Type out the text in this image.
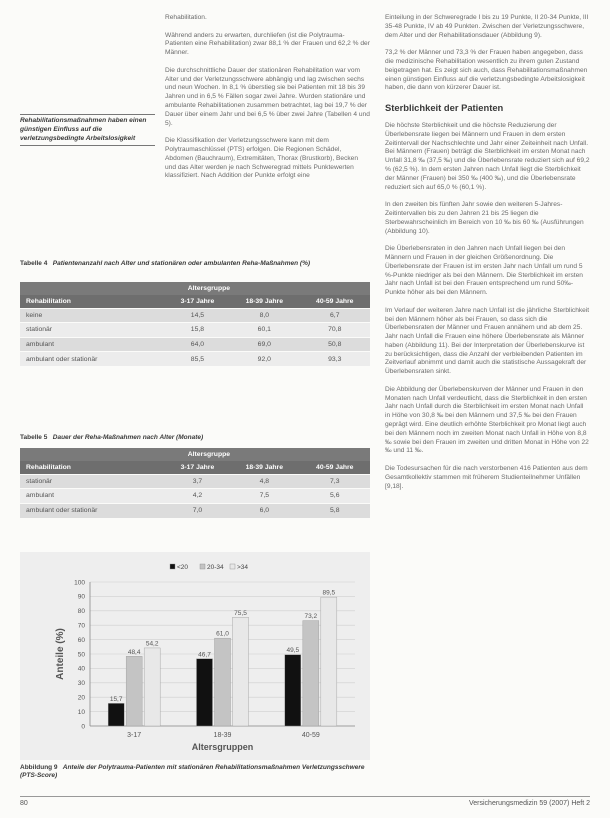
Rehabilitation.

Während anders zu erwarten, durchliefen (ist die Polytrauma-Patienten eine Rehabilitation) zwar 88,1 % der Frauen und 62,2 % der Männer.

Die durchschnittliche Dauer der stationären Rehabilitation war vom Alter und der Verletzungsschwere abhängig und lag zwischen sechs und neun Wochen. In 8,1 % überstieg sie bei Patienten mit 18 bis 39 Jahren und in 6,5 % Fällen sogar zwei Jahre. Wurden stationäre und ambulante Rehabilitationen zusammen betrachtet, lag bei 19,7 % der Dauer über einem Jahr und bei 6,5 % über zwei Jahre (Tabellen 4 und 5).

Die Klassifikation der Verletzungsschwere kann mit dem Polytraumaschlüssel (PTS) erfolgen. Die Regionen Schädel, Abdomen (Bauchraum), Extremitäten, Thorax (Brustkorb), Becken und das Alter werden je nach Schweregrad mittels Punktewerten klassifiziert. Nach Addition der Punkte erfolgt eine

Rehabilitationsmaßnahmen haben einen günstigen Einfluss auf die verletzungsbedingte Arbeitslosigkeit

Einteilung in der Schweregrade I bis zu 19 Punkte, II 20-34 Punkte, III 35-48 Punkte, IV ab 49 Punkten. Zwischen der Verletzungsschwere, dem Alter und der Rehabilitationsdauer (Abbildung 9).

73,2 % der Männer und 73,3 % der Frauen haben angegeben, dass die medizinische Rehabilitation wesentlich zu ihrem guten Zustand beigetragen hat. Es zeigt sich auch, dass Rehabilitationsmaßnahmen einen günstigen Einfluss auf die verletzungsbedingte Arbeitslosigkeit haben, die dann von kürzerer Dauer ist.

Sterblichkeit der Patienten

Die höchste Sterblichkeit und die höchste Reduzierung der Überlebensrate liegen bei Männern und Frauen in dem ersten Zeitintervall der Nachschlechte und Jahr einer Zeiteinheit nach Unfall. Bei Männern (Frauen) beträgt die Sterblichkeit im ersten Monat nach Unfall 31,8 ‰ (37,5 ‰) und die Überlebensrate reduziert sich auf 69,2 % (62,5 %). In dem ersten Jahren nach Unfall liegt die Sterblichkeit der Männer (Frauen) bei 350 ‰ (400 ‰), und die Überlebensrate reduziert sich auf 65,0 % (60,1 %).

In den zweiten bis fünften Jahr sowie den weiteren 5-Jahres-Zeitintervallen bis zu den Jahren 21 bis 25 liegen die Sterbewahrscheinlich im Bereich von 10 ‰ bis 60 ‰ (Ausführungen (Abbildung 10).

Die Überlebensraten in den Jahren nach Unfall liegen bei den Männern und Frauen in der gleichen Größenordnung. Die Überlebensrate der Frauen ist im ersten Jahr nach Unfall um rund 5 %-Punkte niedriger als bei den Männern. Die Sterblichkeit im ersten Jahr nach Unfall ist bei den Frauen entsprechend um rund 50‰-Punkte höher als bei den Männern.

Im Verlauf der weiteren Jahre nach Unfall ist die jährliche Sterblichkeit bei den Männern höher als bei Frauen, so dass sich die Überlebensraten der Männer und Frauen annähern und ab dem 25. Jahr nach Unfall die Frauen eine höhere Überlebensrate als Männer haben (Abbildung 11). Bei der Interpretation der Überlebenskurve ist zu berücksichtigen, dass die Anzahl der verbleibenden Patienten im Zeitverlauf abnimmt und damit auch die statistische Aussagekraft der Überlebensraten sinkt.

Die Abbildung der Überlebenskurven der Männer und Frauen in den Monaten nach Unfall verdeutlicht, dass die Sterblichkeit in den ersten Jahr nach Unfall durch die Sterblichkeit im ersten Monat nach Unfall in Höhe von 30,8 ‰ bei den Männern und 37,5 ‰ bei den Frauen geprägt wird. Eine deutlich erhöhte Sterblichkeit pro Monat liegt auch bei den Männern noch im zweiten Monat nach Unfall in Höhe von 8,8 ‰ sowie bei den Frauen im zweiten und dritten Monat in Höhe von 22 ‰ und 11 ‰.

Die Todesursachen für die nach verstorbenen 416 Patienten aus dem Gesamtkollektiv stammen mit früherem Studienteilnehmer Unfällen [9,18].

Tabelle 4 Patientenanzahl nach Alter und stationären oder ambulanten Reha-Maßnahmen (%)
	Altersgruppe		
Rehabilitation	3-17 Jahre	18-39 Jahre	40-59 Jahre
keine	14,5	8,0	6,7
stationär	15,8	60,1	70,8
ambulant	64,0	69,0	50,8
ambulant oder stationär	85,5	92,0	93,3
Tabelle 5 Dauer der Reha-Maßnahmen nach Alter (Monate)
	Altersgruppe		
Rehabilitation	3-17 Jahre	18-39 Jahre	40-59 Jahre
stationär	3,7	4,8	7,3
ambulant	4,2	7,5	5,6
ambulant oder stationär	7,0	6,0	5,8
0
10
20
30
40
50
60
70
80
90
100
Anteile (%)
15,7
48,4
54,2
3-17
46,7
61,0
75,5
18-39
49,5
73,2
89,5
40-59
Altersgruppen
<20	20-34 >34
Abbildung 9 Anteile der Polytrauma-Patienten mit stationären Rehabilitationsmaßnahmen Verletzungsschwere (PTS-Score)
80	Versicherungsmedizin 59 (2007) Heft 2
